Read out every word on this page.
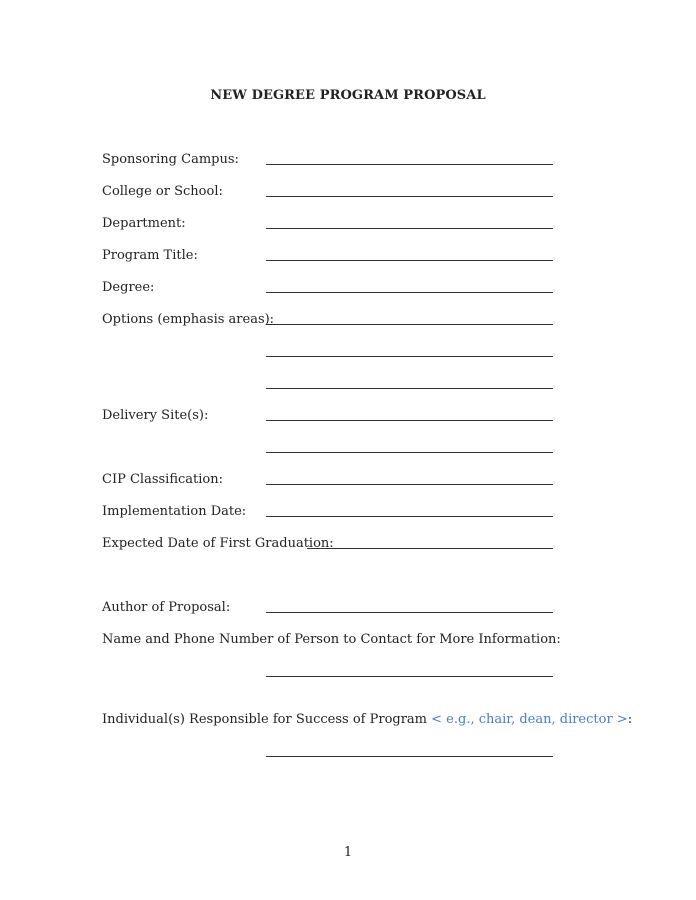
NEW DEGREE PROGRAM PROPOSAL
Sponsoring Campus:
College or School:
Department:
Program Title:
Degree:
Options (emphasis areas):
Delivery Site(s):
CIP Classification:
Implementation Date:
Expected Date of First Graduation:
Author of Proposal:
Name and Phone Number of Person to Contact for More Information:
Individual(s) Responsible for Success of Program < e.g., chair, dean, director >:
1
